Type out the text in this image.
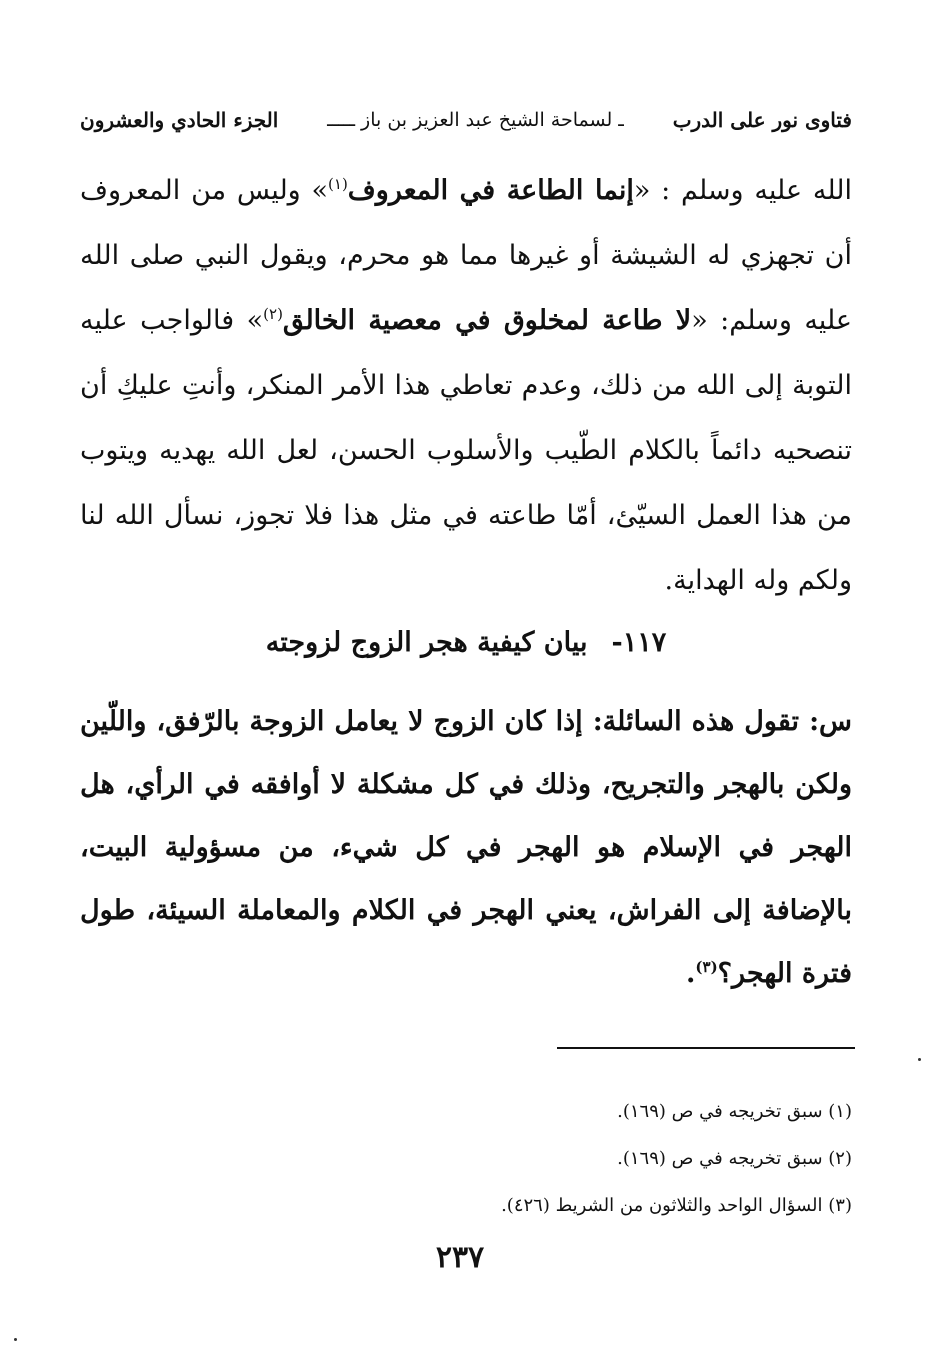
فتاوى نور على الدرب
ـ لسماحة الشيخ عبد العزيز بن باز ـــــ
الجزء الحادي والعشرون

الله عليه وسلم : «إنما الطاعة في المعروف$^{(١)}$» وليس من المعروف أن تجهزي له الشيشة أو غيرها مما هو محرم، ويقول النبي صلى الله عليه وسلم: «لا طاعة لمخلوق في معصية الخالق$^{(٢)}$» فالواجب عليه التوبة إلى الله من ذلك، وعدم تعاطي هذا الأمر المنكر، وأنتِ عليكِ أن تنصحيه دائماً بالكلام الطّيب والأسلوب الحسن، لعل الله يهديه ويتوب من هذا العمل السيّئ، أمّا طاعته في مثل هذا فلا تجوز، نسأل الله لنا ولكم وله الهداية.

١١٧-بيان كيفية هجر الزوج لزوجته

س: تقول هذه السائلة: إذا كان الزوج لا يعامل الزوجة بالرّفق، واللّين ولكن بالهجر والتجريح، وذلك في كل مشكلة لا أوافقه في الرأي، هل الهجر في الإسلام هو الهجر في كل شيء، من مسؤولية البيت، بالإضافة إلى الفراش، يعني الهجر في الكلام والمعاملة السيئة، طول فترة الهجر؟$^{(٣)}$.

(١) سبق تخريجه في ص (١٦٩).
(٢) سبق تخريجه في ص (١٦٩).
(٣) السؤال الواحد والثلاثون من الشريط (٤٢٦).
٢٣٧
